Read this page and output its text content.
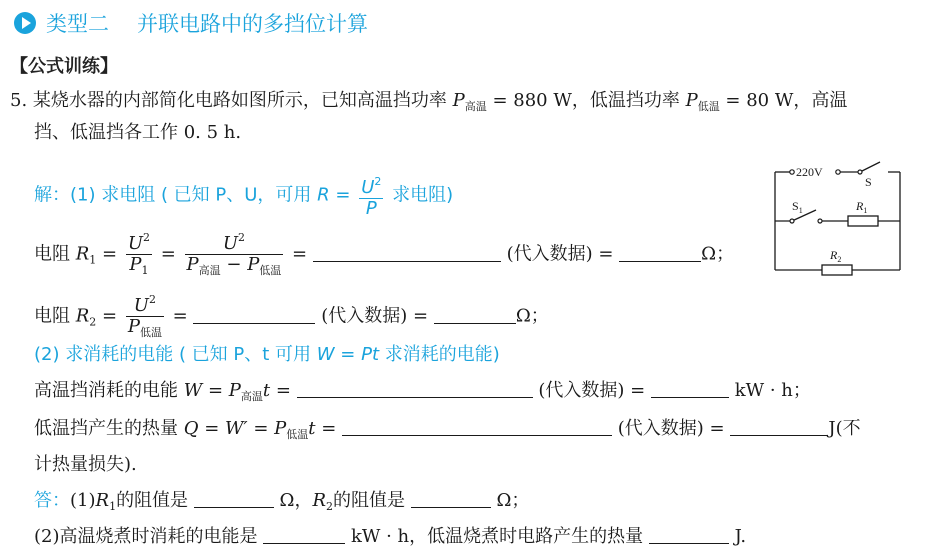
类型二 并联电路中的多挡位计算
【公式训练】
5. 某烧水器的内部简化电路如图所示，已知高温挡功率 $P_{高温} = 880$ W，低温挡功率 $P_{低温} = 80$ W，高温
挡、低温挡各工作 0. 5 h.
解：(1) 求电阻 ( 已知 P、U，可用 $R = \frac{U^2}{P}$ 求电阻)
电阻 $R_1 = \frac{U^2}{P_1} = \frac{U^2}{P_{高温} - P_{低温}}$ =	(代入数据) =	Ω；
电阻 $R_2 = \frac{U^2}{P_{低温}}$ =	(代入数据) =	Ω；
(2) 求消耗的电能 ( 已知 P、t 可用 W = Pt 求消耗的电能)
高温挡消耗的电能 $W = P_{高温}t$ =	(代入数据) =	kW · h；
低温挡产生的热量 $Q = W' = P_{低温}t$ =	(代入数据) =	J(不
计热量损失).
答：$(1)R_1$的阻值是	Ω，$R_2$的阻值是	Ω；
(2)高温烧煮时消耗的电能是	kW · h，低温烧煮时电路产生的热量	J.
220V
S
$S_1$	$R_1$
$R_2$
